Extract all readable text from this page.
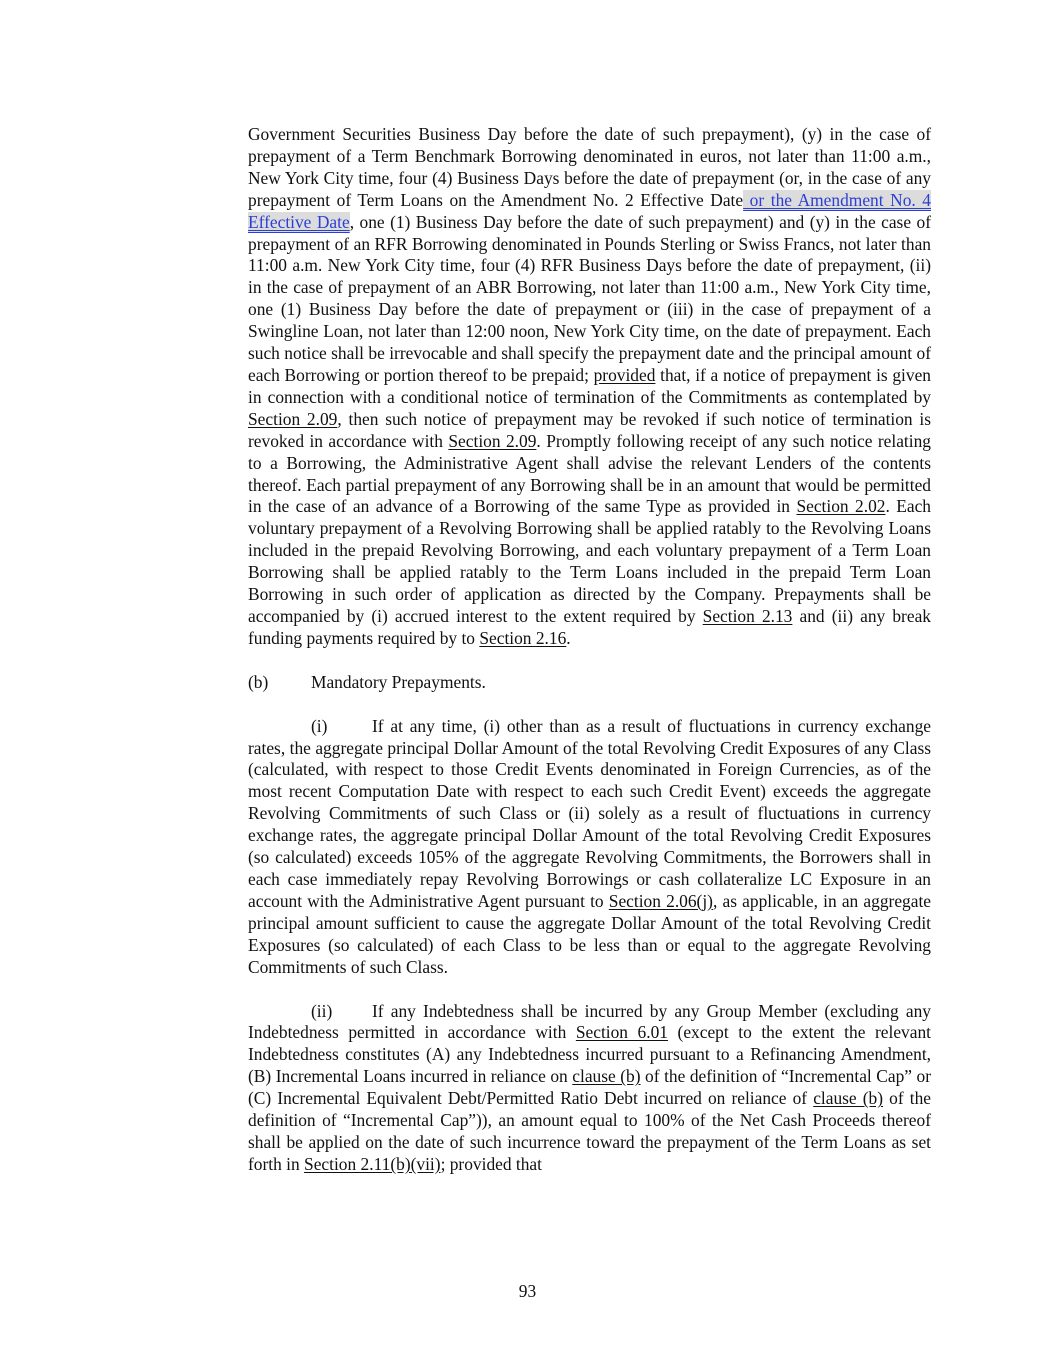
Government Securities Business Day before the date of such prepayment), (y) in the case of prepayment of a Term Benchmark Borrowing denominated in euros, not later than 11:00 a.m., New York City time, four (4) Business Days before the date of prepayment (or, in the case of any prepayment of Term Loans on the Amendment No. 2 Effective Date or the Amendment No. 4 Effective Date, one (1) Business Day before the date of such prepayment) and (y) in the case of prepayment of an RFR Borrowing denominated in Pounds Sterling or Swiss Francs, not later than 11:00 a.m. New York City time, four (4) RFR Business Days before the date of prepayment, (ii) in the case of prepayment of an ABR Borrowing, not later than 11:00 a.m., New York City time, one (1) Business Day before the date of prepayment or (iii) in the case of prepayment of a Swingline Loan, not later than 12:00 noon, New York City time, on the date of prepayment. Each such notice shall be irrevocable and shall specify the prepayment date and the principal amount of each Borrowing or portion thereof to be prepaid; provided that, if a notice of prepayment is given in connection with a conditional notice of termination of the Commitments as contemplated by Section 2.09, then such notice of prepayment may be revoked if such notice of termination is revoked in accordance with Section 2.09. Promptly following receipt of any such notice relating to a Borrowing, the Administrative Agent shall advise the relevant Lenders of the contents thereof. Each partial prepayment of any Borrowing shall be in an amount that would be permitted in the case of an advance of a Borrowing of the same Type as provided in Section 2.02. Each voluntary prepayment of a Revolving Borrowing shall be applied ratably to the Revolving Loans included in the prepaid Revolving Borrowing, and each voluntary prepayment of a Term Loan Borrowing shall be applied ratably to the Term Loans included in the prepaid Term Loan Borrowing in such order of application as directed by the Company. Prepayments shall be accompanied by (i) accrued interest to the extent required by Section 2.13 and (ii) any break funding payments required by to Section 2.16.

(b) Mandatory Prepayments.

(i)	If at any time, (i) other than as a result of fluctuations in currency exchange rates, the aggregate principal Dollar Amount of the total Revolving Credit Exposures of any Class (calculated, with respect to those Credit Events denominated in Foreign Currencies, as of the most recent Computation Date with respect to each such Credit Event) exceeds the aggregate Revolving Commitments of such Class or (ii) solely as a result of fluctuations in currency exchange rates, the aggregate principal Dollar Amount of the total Revolving Credit Exposures (so calculated) exceeds 105% of the aggregate Revolving Commitments, the Borrowers shall in each case immediately repay Revolving Borrowings or cash collateralize LC Exposure in an account with the Administrative Agent pursuant to Section 2.06(j), as applicable, in an aggregate principal amount sufficient to cause the aggregate Dollar Amount of the total Revolving Credit Exposures (so calculated) of each Class to be less than or equal to the aggregate Revolving Commitments of such Class.

(ii) If any Indebtedness shall be incurred by any Group Member (excluding any Indebtedness permitted in accordance with Section 6.01 (except to the extent the relevant Indebtedness constitutes (A) any Indebtedness incurred pursuant to a Refinancing Amendment, (B) Incremental Loans incurred in reliance on clause (b) of the definition of “Incremental Cap” or (C) Incremental Equivalent Debt/Permitted Ratio Debt incurred on reliance of clause (b) of the definition of “Incremental Cap”)), an amount equal to 100% of the Net Cash Proceeds thereof shall be applied on the date of such incurrence toward the prepayment of the Term Loans as set forth in Section 2.11(b)(vii); provided that

93
